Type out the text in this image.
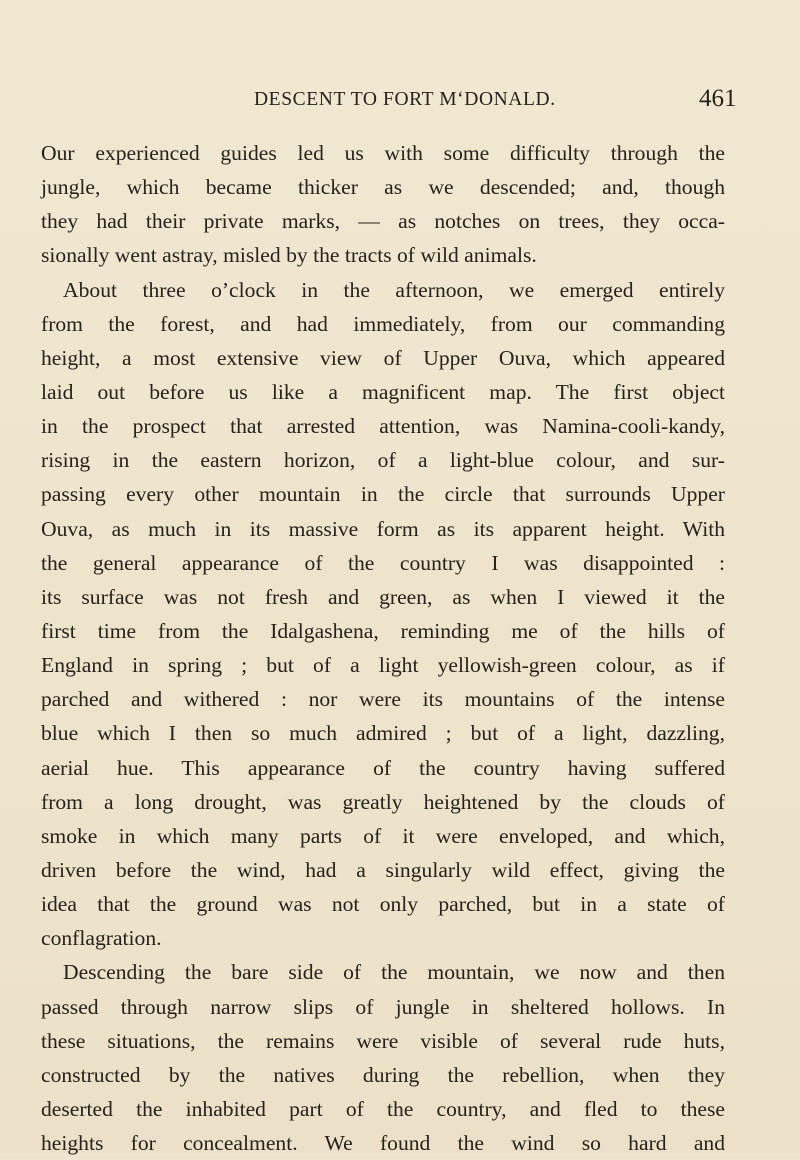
DESCENT TO FORT M‘DONALD.	461
Our experienced guides led us with some difficulty through the
jungle, which became thicker as we descended; and, though
they had their private marks, — as notches on trees, they occa-
sionally went astray, misled by the tracts of wild animals.
About three o’clock in the afternoon, we emerged entirely
from the forest, and had immediately, from our commanding
height, a most extensive view of Upper Ouva, which appeared
laid out before us like a magnificent map. The first object
in the prospect that arrested attention, was Namina-cooli-kandy,
rising in the eastern horizon, of a light-blue colour, and sur-
passing every other mountain in the circle that surrounds Upper
Ouva, as much in its massive form as its apparent height. With
the general appearance of the country I was disappointed :
its surface was not fresh and green, as when I viewed it the
first time from the Idalgashena, reminding me of the hills of
England in spring ; but of a light yellowish-green colour, as if
parched and withered : nor were its mountains of the intense
blue which I then so much admired ; but of a light, dazzling,
aerial hue. This appearance of the country having suffered
from a long drought, was greatly heightened by the clouds of
smoke in which many parts of it were enveloped, and which,
driven before the wind, had a singularly wild effect, giving the
idea that the ground was not only parched, but in a state of
conflagration.
Descending the bare side of the mountain, we now and then
passed through narrow slips of jungle in sheltered hollows. In
these situations, the remains were visible of several rude huts,
constructed by the natives during the rebellion, when they
deserted the inhabited part of the country, and fled to these
heights for concealment. We found the wind so hard and
